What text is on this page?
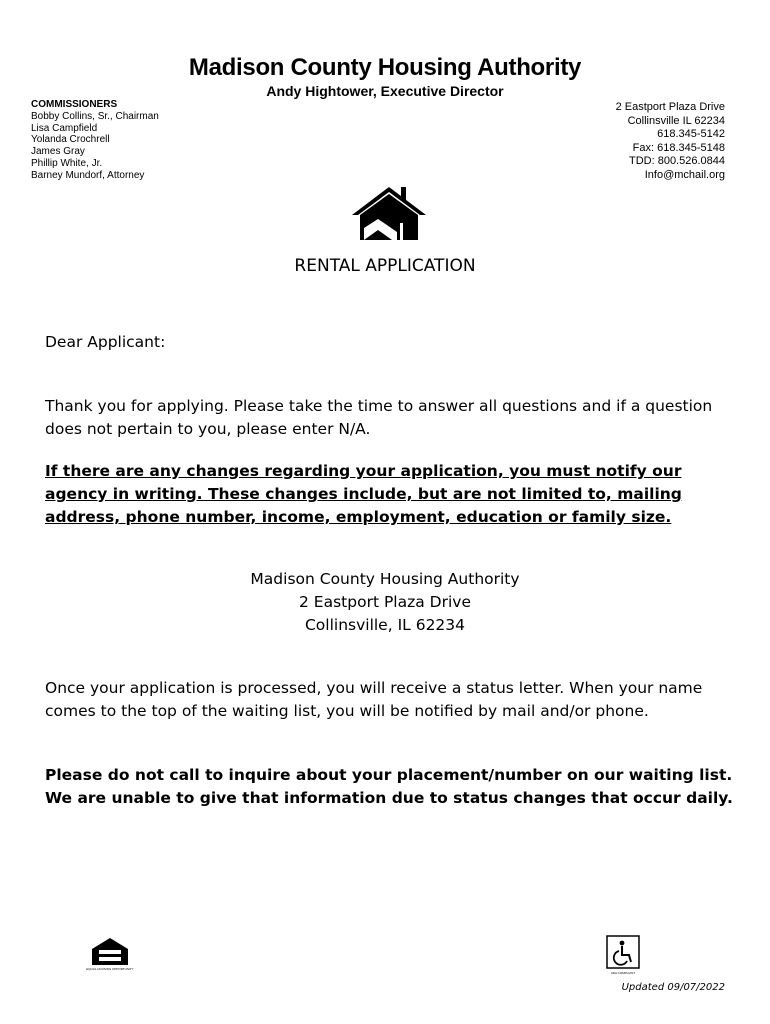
Madison County Housing Authority
Andy Hightower, Executive Director
COMMISSIONERS
Bobby Collins, Sr., Chairman
Lisa Campfield
Yolanda Crochrell
James Gray
Phillip White, Jr.
Barney Mundorf, Attorney
2 Eastport Plaza Drive
Collinsville IL 62234
618.345-5142
Fax: 618.345-5148
TDD: 800.526.0844
Info@mchail.org
RENTAL APPLICATION
Dear Applicant:
Thank you for applying. Please take the time to answer all questions and if a question does not pertain to you, please enter N/A.
If there are any changes regarding your application, you must notify our agency in writing. These changes include, but are not limited to, mailing address, phone number, income, employment, education or family size.
Madison County Housing Authority
2 Eastport Plaza Drive
Collinsville, IL 62234
Once your application is processed, you will receive a status letter. When your name comes to the top of the waiting list, you will be notified by mail and/or phone.
Please do not call to inquire about your placement/number on our waiting list. We are unable to give that information due to status changes that occur daily.
EQUAL HOUSING OPPORTUNITY
ADA COMPLIANT
Updated 09/07/2022
